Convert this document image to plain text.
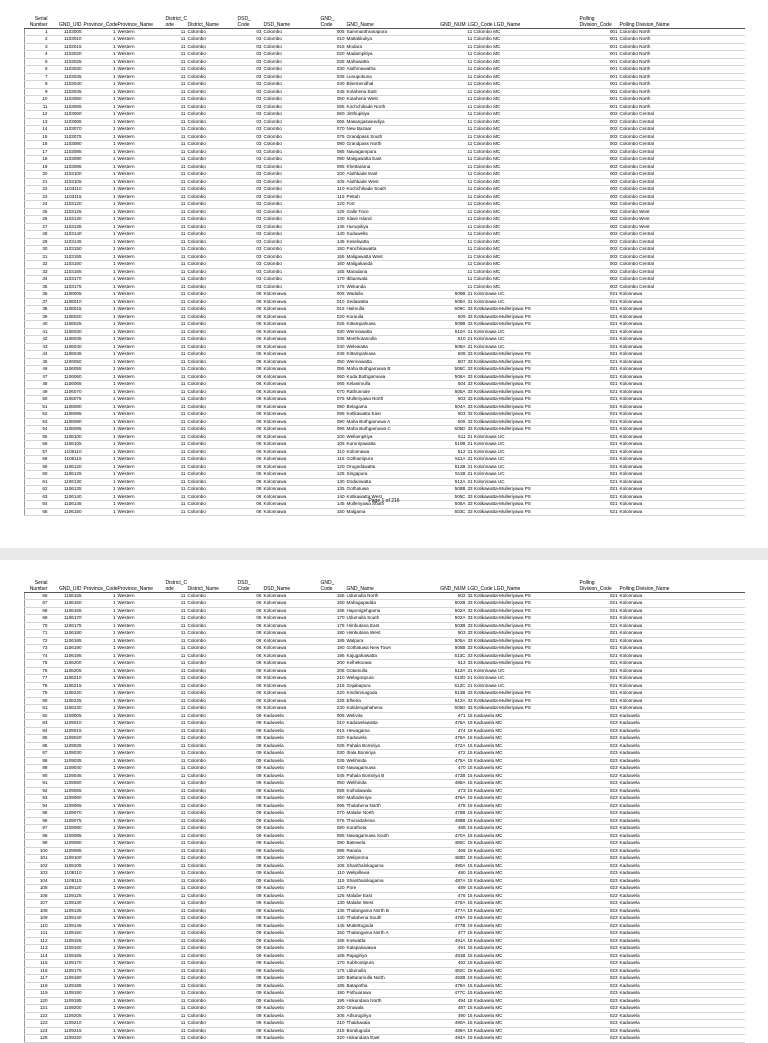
Serial Number	GND_UID	Province_Code	Province_Name	District_C ode	District_Name	DSD_ Code	DSD_Name	GND_ Code	GND_Name	GND_NUM	LGD_Code LGD_Name	Polling Division_Code	Polling Division_Name
1	1103005	1	Western	11	Colombo	03	Colombo	005	Sammanthranapura		11 Colombo MC	001	Colombo North
2	1103010	1	Western	11	Colombo	03	Colombo	010	Mattakkuliya		11 Colombo MC	001	Colombo North
3	1103015	1	Western	11	Colombo	03	Colombo	015	Modara		11 Colombo MC	001	Colombo North
4	1103020	1	Western	11	Colombo	03	Colombo	020	Madampitiya		11 Colombo MC	001	Colombo North
5	1103025	1	Western	11	Colombo	03	Colombo	025	Mahawatta		11 Colombo MC	001	Colombo North
6	1103030	1	Western	11	Colombo	03	Colombo	030	Aluthmawatha		11 Colombo MC	001	Colombo North
7	1103035	1	Western	11	Colombo	03	Colombo	035	Lunupokuna		11 Colombo MC	001	Colombo North
8	1103040	1	Western	11	Colombo	03	Colombo	040	Bloemendhal		11 Colombo MC	001	Colombo North
9	1103045	1	Western	11	Colombo	03	Colombo	045	Kotahena East		11 Colombo MC	001	Colombo North
10	1103050	1	Western	11	Colombo	03	Colombo	050	Kotahena West		11 Colombo MC	001	Colombo North
11	1103055	1	Western	11	Colombo	03	Colombo	055	Kochchikade North		11 Colombo MC	001	Colombo North
12	1103060	1	Western	11	Colombo	03	Colombo	060	Jinthupitiya		11 Colombo MC	002	Colombo Central
13	1103065	1	Western	11	Colombo	03	Colombo	065	Masangasweediya		11 Colombo MC	002	Colombo Central
14	1103070	1	Western	11	Colombo	03	Colombo	070	New Bazaar		11 Colombo MC	002	Colombo Central
15	1103075	1	Western	11	Colombo	03	Colombo	075	Grandpass South		11 Colombo MC	002	Colombo Central
16	1103080	1	Western	11	Colombo	03	Colombo	080	Grandpass North		11 Colombo MC	002	Colombo Central
17	1103085	1	Western	11	Colombo	03	Colombo	085	Nawagampura		11 Colombo MC	002	Colombo Central
18	1103090	1	Western	11	Colombo	03	Colombo	090	Maligawatta East		11 Colombo MC	002	Colombo Central
19	1103095	1	Western	11	Colombo	03	Colombo	095	Khettarama		11 Colombo MC	002	Colombo Central
20	1103100	1	Western	11	Colombo	03	Colombo	100	Aluthkade East		11 Colombo MC	002	Colombo Central
21	1103105	1	Western	11	Colombo	03	Colombo	105	Aluthkade West		11 Colombo MC	002	Colombo Central
22	1103110	1	Western	11	Colombo	03	Colombo	110	Kochchikade South		11 Colombo MC	002	Colombo Central
23	1103115	1	Western	11	Colombo	03	Colombo	115	Pettah		11 Colombo MC	002	Colombo Central
24	1103120	1	Western	11	Colombo	03	Colombo	120	Fort		11 Colombo MC	002	Colombo Central
25	1103125	1	Western	11	Colombo	03	Colombo	125	Galle Face		11 Colombo MC	002	Colombo West
26	1103130	1	Western	11	Colombo	03	Colombo	130	Slave Island		11 Colombo MC	002	Colombo West
27	1103135	1	Western	11	Colombo	03	Colombo	135	Hunupitiya		11 Colombo MC	002	Colombo West
28	1103140	1	Western	11	Colombo	03	Colombo	140	Suduwella		11 Colombo MC	002	Colombo Central
29	1103145	1	Western	11	Colombo	03	Colombo	145	Keselwatta		11 Colombo MC	002	Colombo Central
30	1103150	1	Western	11	Colombo	03	Colombo	150	Panchikawatta		11 Colombo MC	002	Colombo Central
31	1103155	1	Western	11	Colombo	03	Colombo	155	Maligawatta West		11 Colombo MC	002	Colombo Central
32	1103160	1	Western	11	Colombo	03	Colombo	160	Maligakanda		11 Colombo MC	002	Colombo Central
33	1103165	1	Western	11	Colombo	03	Colombo	165	Maradana		11 Colombo MC	002	Colombo Central
34	1103170	1	Western	11	Colombo	03	Colombo	170	Ibbanwala		11 Colombo MC	002	Colombo Central
35	1103175	1	Western	11	Colombo	03	Colombo	175	Wekanda		11 Colombo MC	002	Colombo Central
36	1106005	1	Western	11	Colombo	06	Kolonnawa	005	Wadulla	509B	21 Kolonnawa UC	021	Kolonnawa
37	1106010	1	Western	11	Colombo	06	Kolonnawa	010	Sedawatta	509A	21 Kolonnawa UC	021	Kolonnawa
38	1106015	1	Western	11	Colombo	06	Kolonnawa	015	Halmulla	509C	33 Kotikawatta-Mulleriyawa PS	021	Kolonnawa
39	1106020	1	Western	11	Colombo	06	Kolonnawa	020	Korauila	509	33 Kotikawatta-Mulleriyawa PS	021	Kolonnawa
40	1106025	1	Western	11	Colombo	06	Kolonnawa	025	Kittampahuwa	509B	33 Kotikawatta-Mulleriyawa PS	021	Kolonnawa
41	1106030	1	Western	11	Colombo	06	Kolonnawa	030	Wennawatta	510A	21 Kolonnawa UC	021	Kolonnawa
42	1106035	1	Western	11	Colombo	06	Kolonnawa	035	Meethotamulla	510	21 Kolonnawa UC	021	Kolonnawa
43	1106040	1	Western	11	Colombo	06	Kolonnawa	040	Welewatta	508A	21 Kolonnawa UC	021	Kolonnawa
44	1106045	1	Western	11	Colombo	06	Kolonnawa	045	Kittampahuwa	508	33 Kotikawatta-Mulleriyawa PS	021	Kolonnawa
45	1106050	1	Western	11	Colombo	06	Kolonnawa	050	Wennawatta	507	33 Kotikawatta-Mulleriyawa PS	021	Kolonnawa
46	1106055	1	Western	11	Colombo	06	Kolonnawa	055	Maha Buthgamuwa B	506C	33 Kotikawatta-Mulleriyawa PS	021	Kolonnawa
47	1106060	1	Western	11	Colombo	06	Kolonnawa	060	Kuda Buthgamuwa	506A	33 Kotikawatta-Mulleriyawa PS	021	Kolonnawa
48	1106065	1	Western	11	Colombo	06	Kolonnawa	065	Kelanimulla	504	33 Kotikawatta-Mulleriyawa PS	021	Kolonnawa
49	1106070	1	Western	11	Colombo	06	Kolonnawa	070	Rathunnale	505A	33 Kotikawatta-Mulleriyawa PS	021	Kolonnawa
50	1106075	1	Western	11	Colombo	06	Kolonnawa	075	Mulleriyawa North	503	33 Kotikawatta-Mulleriyawa PS	021	Kolonnawa
51	1106080	1	Western	11	Colombo	06	Kolonnawa	080	Belagama	504A	33 Kotikawatta-Mulleriyawa PS	021	Kolonnawa
52	1106085	1	Western	11	Colombo	06	Kolonnawa	085	Kotikawatta East	503	33 Kotikawatta-Mulleriyawa PS	021	Kolonnawa
53	1106090	1	Western	11	Colombo	06	Kolonnawa	090	Maha Buthgamuwa A	506	33 Kotikawatta-Mulleriyawa PS	021	Kolonnawa
54	1106095	1	Western	11	Colombo	06	Kolonnawa	095	Maha Buthgamuwa C	506D	33 Kotikawatta-Mulleriyawa PS	021	Kolonnawa
55	1106100	1	Western	11	Colombo	06	Kolonnawa	100	Wellampitiya	511	21 Kolonnawa UC	021	Kolonnawa
56	1106105	1	Western	11	Colombo	06	Kolonnawa	105	Kuruniyawatta	510B	21 Kolonnawa UC	021	Kolonnawa
57	1106110	1	Western	11	Colombo	06	Kolonnawa	110	Kolonnawa	512	21 Kolonnawa UC	021	Kolonnawa
58	1106115	1	Western	11	Colombo	06	Kolonnawa	115	Gothamipura	511A	21 Kolonnawa UC	021	Kolonnawa
59	1106120	1	Western	11	Colombo	06	Kolonnawa	120	Orugodawatta	512B	21 Kolonnawa UC	021	Kolonnawa
60	1106125	1	Western	11	Colombo	06	Kolonnawa	125	Singapura	511B	21 Kolonnawa UC	021	Kolonnawa
61	1106130	1	Western	11	Colombo	06	Kolonnawa	130	Dodanwatta	512A	21 Kolonnawa UC	021	Kolonnawa
62	1106135	1	Western	11	Colombo	06	Kolonnawa	135	Gothatuwa	506B	33 Kotikawatta-Mulleriyawa PS	021	Kolonnawa
63	1106140	1	Western	11	Colombo	06	Kolonnawa	140	Kotikawatta West	505C	33 Kotikawatta-Mulleriyawa PS	021	Kolonnawa
64	1106145	1	Western	11	Colombo	06	Kolonnawa	145	Mulleriyawa South	505A	33 Kotikawatta-Mulleriyawa PS	021	Kolonnawa
65	1106150	1	Western	11	Colombo	06	Kolonnawa	150	Malgama	503C	33 Kotikawatta-Mulleriyawa PS	021	Kolonnawa
Page 1 of 216
Serial Number	GND_UID	Province_Code	Province_Name	District_C ode	District_Name	DSD_ Code	DSD_Name	GND_ Code	GND_Name	GND_NUM	LGD_Code LGD_Name	Polling Division_Code	Polling Division_Name
66	1106155	1	Western	11	Colombo	06	Kolonnawa	155	Udumulla North	502	33 Kotikawatta-Mulleriyawa PS	021	Kolonnawa
67	1106160	1	Western	11	Colombo	06	Kolonnawa	160	Mahagapadda	502B	33 Kotikawatta-Mulleriyawa PS	021	Kolonnawa
68	1106165	1	Western	11	Colombo	06	Kolonnawa	165	Haponigehgama	502A	33 Kotikawatta-Mulleriyawa PS	021	Kolonnawa
69	1106170	1	Western	11	Colombo	06	Kolonnawa	170	Udumulla South	502A	33 Kotikawatta-Mulleriyawa PS	021	Kolonnawa
70	1106175	1	Western	11	Colombo	06	Kolonnawa	175	Himbutana East	503B	33 Kotikawatta-Mulleriyawa PS	021	Kolonnawa
71	1106180	1	Western	11	Colombo	06	Kolonnawa	180	Himbutana West	503	33 Kotikawatta-Mulleriyawa PS	021	Kolonnawa
72	1106185	1	Western	11	Colombo	06	Kolonnawa	185	Walpura	505A	33 Kotikawatta-Mulleriyawa PS	021	Kolonnawa
73	1106190	1	Western	11	Colombo	06	Kolonnawa	190	Gothatuwa New Town	505B	33 Kotikawatta-Mulleriyawa PS	021	Kolonnawa
74	1106195	1	Western	11	Colombo	06	Kolonnawa	195	Kajugahawatta	513C	33 Kotikawatta-Mulleriyawa PS	021	Kolonnawa
75	1106200	1	Western	11	Colombo	06	Kolonnawa	200	Kelhekoowa	513	33 Kotikawatta-Mulleriyawa PS	021	Kolonnawa
76	1106205	1	Western	11	Colombo	06	Kolonnawa	205	Gotamulla	512A	21 Kolonnawa UC	021	Kolonnawa
77	1106210	1	Western	11	Colombo	06	Kolonnawa	210	Welagonpura	512D	21 Kolonnawa UC	021	Kolonnawa
78	1106215	1	Western	11	Colombo	06	Kolonnawa	215	Gajabapura	512C	21 Kolonnawa UC	021	Kolonnawa
79	1106220	1	Western	11	Colombo	06	Kolonnawa	220	Kindimmagoda	513B	33 Kotikawatta-Mulleriyawa PS	021	Kolonnawa
80	1106225	1	Western	11	Colombo	06	Kolonnawa	225	Elheria	513A	33 Kotikawatta-Mulleriyawa PS	021	Kolonnawa
81	1106230	1	Western	11	Colombo	06	Kolonnawa	230	Kotidengahahena	505D	33 Kotikawatta-Mulleriyawa PS	021	Kolonnawa
82	1109005	1	Western	11	Colombo	09	Kaduwela	005	Welivita	471	15 Kaduwela MC	023	Kaduwela
83	1109010	1	Western	11	Colombo	09	Kaduwela	010	Kaduwelawatta	476A	15 Kaduwela MC	023	Kaduwela
84	1109015	1	Western	11	Colombo	09	Kaduwela	015	Hewagama	474	15 Kaduwela MC	023	Kaduwela
85	1109020	1	Western	11	Colombo	09	Kaduwela	020	Kaduwela	475A	15 Kaduwela MC	023	Kaduwela
86	1109025	1	Western	11	Colombo	09	Kaduwela	025	Pahala Bomiriya	472A	15 Kaduwela MC	023	Kaduwela
87	1109030	1	Western	11	Colombo	09	Kaduwela	030	Ihala Bomiriya	472	15 Kaduwela MC	023	Kaduwela
88	1109035	1	Western	11	Colombo	09	Kaduwela	035	Welihinda	475A	15 Kaduwela MC	023	Kaduwela
89	1109040	1	Western	11	Colombo	09	Kaduwela	040	Nawagamuwa	470	15 Kaduwela MC	023	Kaduwela
90	1109045	1	Western	11	Colombo	09	Kaduwela	045	Pahala Bomiriya B	472B	15 Kaduwela MC	023	Kaduwela
91	1109050	1	Western	11	Colombo	09	Kaduwela	050	Welihinda	488A	15 Kaduwela MC	023	Kaduwela
92	1109055	1	Western	11	Colombo	09	Kaduwela	055	Kothalawala	473	15 Kaduwela MC	023	Kaduwela
93	1109060	1	Western	11	Colombo	09	Kaduwela	060	Mahadeniya	475A	15 Kaduwela MC	023	Kaduwela
94	1109065	1	Western	11	Colombo	09	Kaduwela	065	Thalahena North	478	15 Kaduwela MC	023	Kaduwela
95	1109070	1	Western	11	Colombo	09	Kaduwela	070	Malabe North	476B	15 Kaduwela MC	023	Kaduwela
96	1109075	1	Western	11	Colombo	09	Kaduwela	075	Thunadahena	488B	15 Kaduwela MC	023	Kaduwela
97	1109080	1	Western	11	Colombo	09	Kaduwela	080	Korathota	488	15 Kaduwela MC	023	Kaduwela
98	1109085	1	Western	11	Colombo	09	Kaduwela	085	Nawagamuwa South	470A	15 Kaduwela MC	023	Kaduwela
99	1109090	1	Western	11	Colombo	09	Kaduwela	090	Batewela	480C	15 Kaduwela MC	023	Kaduwela
100	1109095	1	Western	11	Colombo	09	Kaduwela	095	Ranala	469	15 Kaduwela MC	023	Kaduwela
101	1109100	1	Western	11	Colombo	09	Kaduwela	100	Welipenna	480D	15 Kaduwela MC	023	Kaduwela
102	1109105	1	Western	11	Colombo	09	Kaduwela	105	Shanthalokagama	480A	15 Kaduwela MC	023	Kaduwela
103	1109110	1	Western	11	Colombo	09	Kaduwela	110	Welipillewa	480	15 Kaduwela MC	023	Kaduwela
104	1109115	1	Western	11	Colombo	09	Kaduwela	115	Shanthalokagama	487A	15 Kaduwela MC	023	Kaduwela
105	1109120	1	Western	11	Colombo	09	Kaduwela	120	Pore	489	15 Kaduwela MC	023	Kaduwela
106	1109125	1	Western	11	Colombo	09	Kaduwela	125	Malabe East	476	15 Kaduwela MC	023	Kaduwela
107	1109130	1	Western	11	Colombo	09	Kaduwela	130	Malabe West	476A	15 Kaduwela MC	023	Kaduwela
108	1109135	1	Western	11	Colombo	09	Kaduwela	135	Thalangama North B	477A	15 Kaduwela MC	023	Kaduwela
109	1109140	1	Western	11	Colombo	09	Kaduwela	140	Thalahena South	478A	15 Kaduwela MC	023	Kaduwela
110	1109145	1	Western	11	Colombo	09	Kaduwela	145	Muttettugoda	477B	15 Kaduwela MC	023	Kaduwela
111	1109150	1	Western	11	Colombo	09	Kaduwela	150	Thalangama North A	477	15 Kaduwela MC	023	Kaduwela
112	1109155	1	Western	11	Colombo	09	Kaduwela	155	Koswatta	491A	15 Kaduwela MC	023	Kaduwela
113	1109160	1	Western	11	Colombo	09	Kaduwela	160	Kalapaluwawa	491	15 Kaduwela MC	023	Kaduwela
114	1109165	1	Western	11	Colombo	09	Kaduwela	165	Rajagiriya	491B	15 Kaduwela MC	023	Kaduwela
115	1109170	1	Western	11	Colombo	09	Kaduwela	170	Subhootipura	492	15 Kaduwela MC	023	Kaduwela
116	1109175	1	Western	11	Colombo	09	Kaduwela	175	Udumulla	492C	15 Kaduwela MC	023	Kaduwela
117	1109180	1	Western	11	Colombo	09	Kaduwela	180	Battaramulla North	492B	15 Kaduwela MC	023	Kaduwela
118	1109185	1	Western	11	Colombo	09	Kaduwela	185	Batapotha	479A	15 Kaduwela MC	023	Kaduwela
119	1109190	1	Western	11	Colombo	09	Kaduwela	190	Pothuarawa	477C	15 Kaduwela MC	023	Kaduwela
120	1109195	1	Western	11	Colombo	09	Kaduwela	195	Hokandara North	494	15 Kaduwela MC	023	Kaduwela
121	1109200	1	Western	11	Colombo	09	Kaduwela	200	Oruwala	487	15 Kaduwela MC	023	Kaduwela
122	1109205	1	Western	11	Colombo	09	Kaduwela	205	Athurugiriya	490	15 Kaduwela MC	023	Kaduwela
123	1109210	1	Western	11	Colombo	09	Kaduwela	210	Thalduwala	490A	15 Kaduwela MC	023	Kaduwela
124	1109215	1	Western	11	Colombo	09	Kaduwela	215	Boralugoda	489A	15 Kaduwela MC	023	Kaduwela
125	1109220	1	Western	11	Colombo	09	Kaduwela	220	Hokandara East	494A	15 Kaduwela MC	023	Kaduwela
